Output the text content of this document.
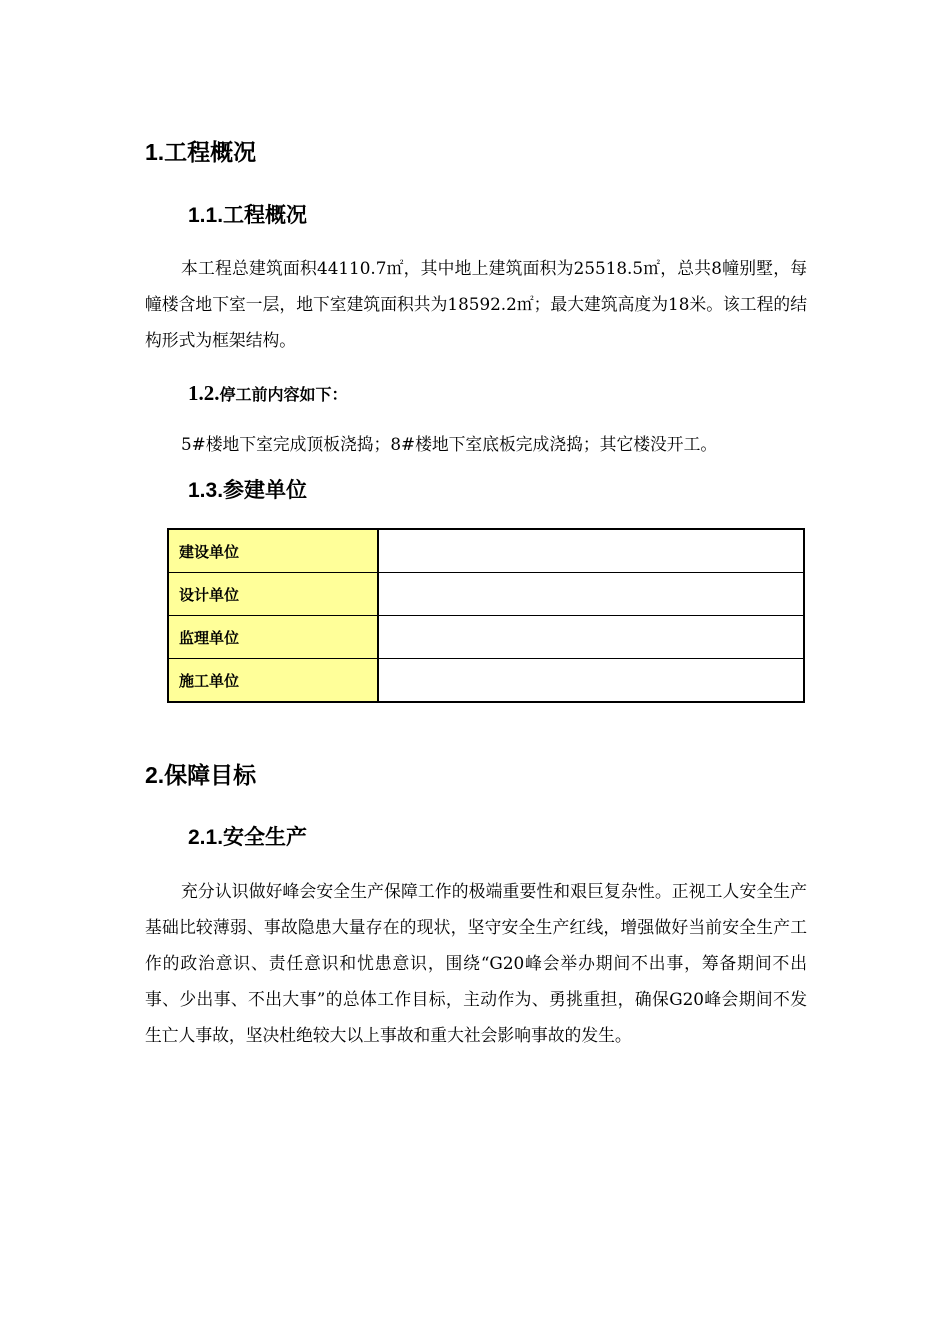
1.工程概况
1.1.工程概况

本工程总建筑面积44110.7㎡，其中地上建筑面积为25518.5㎡，总共8幢别墅，每幢楼含地下室一层，地下室建筑面积共为18592.2㎡；最大建筑高度为18米。该工程的结构形式为框架结构。

1.2.停工前内容如下：

5#楼地下室完成顶板浇捣；8#楼地下室底板完成浇捣；其它楼没开工。

1.3.参建单位
建设单位	
设计单位	
监理单位	
施工单位	
2.保障目标
2.1.安全生产

充分认识做好峰会安全生产保障工作的极端重要性和艰巨复杂性。正视工人安全生产基础比较薄弱、事故隐患大量存在的现状，坚守安全生产红线，增强做好当前安全生产工作的政治意识、责任意识和忧患意识，围绕“G20峰会举办期间不出事，筹备期间不出事、少出事、不出大事”的总体工作目标，主动作为、勇挑重担，确保G20峰会期间不发生亡人事故，坚决杜绝较大以上事故和重大社会影响事故的发生。
